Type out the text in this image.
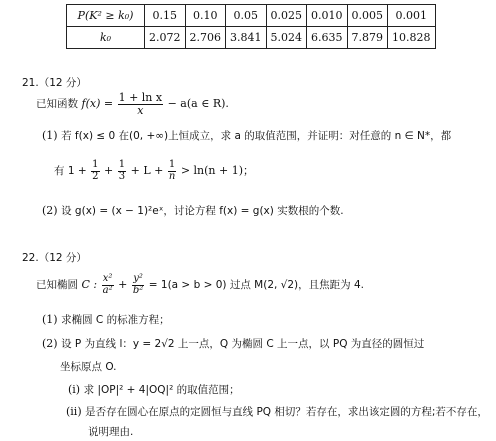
P(K² ≥ k₀)	0.15	0.10	0.05	0.025	0.010	0.005	0.001
k₀	2.072	2.706	3.841	5.024	6.635	7.879	10.828
21.（12 分）
已知函数 $f(x) = \frac{\text{1 + ln x}}{x} - a(a$ ∈ R).
(1) 若 f(x) ≤ 0 在(0, +∞)上恒成立，求 a 的取值范围，并证明：对任意的 n ∈ N*，都
有 $1 + \frac{1}{2} + \frac{1}{3} + L + \frac{1}{n} > \ln(n + 1)$；
(2) 设 g(x) = (x − 1)²eˣ，讨论方程 f(x) = g(x) 实数根的个数.
22.（12 分）
已知椭圆 C : $\frac{\text{x²}}{\text{a²}} + \frac{\text{y²}}{\text{b²}} = 1(a > b > 0)$ 过点 M(2, √2)，且焦距为 4.
(1) 求椭圆 C 的标准方程；
(2) 设 P 为直线 l：y = 2√2 上一点，Q 为椭圆 C 上一点，以 PQ 为直径的圆恒过
坐标原点 O.
(i) 求 |OP|² + 4|OQ|² 的取值范围；
(ii) 是否存在圆心在原点的定圆恒与直线 PQ 相切？若存在，求出该定圆的方程;若不存在，
说明理由.
